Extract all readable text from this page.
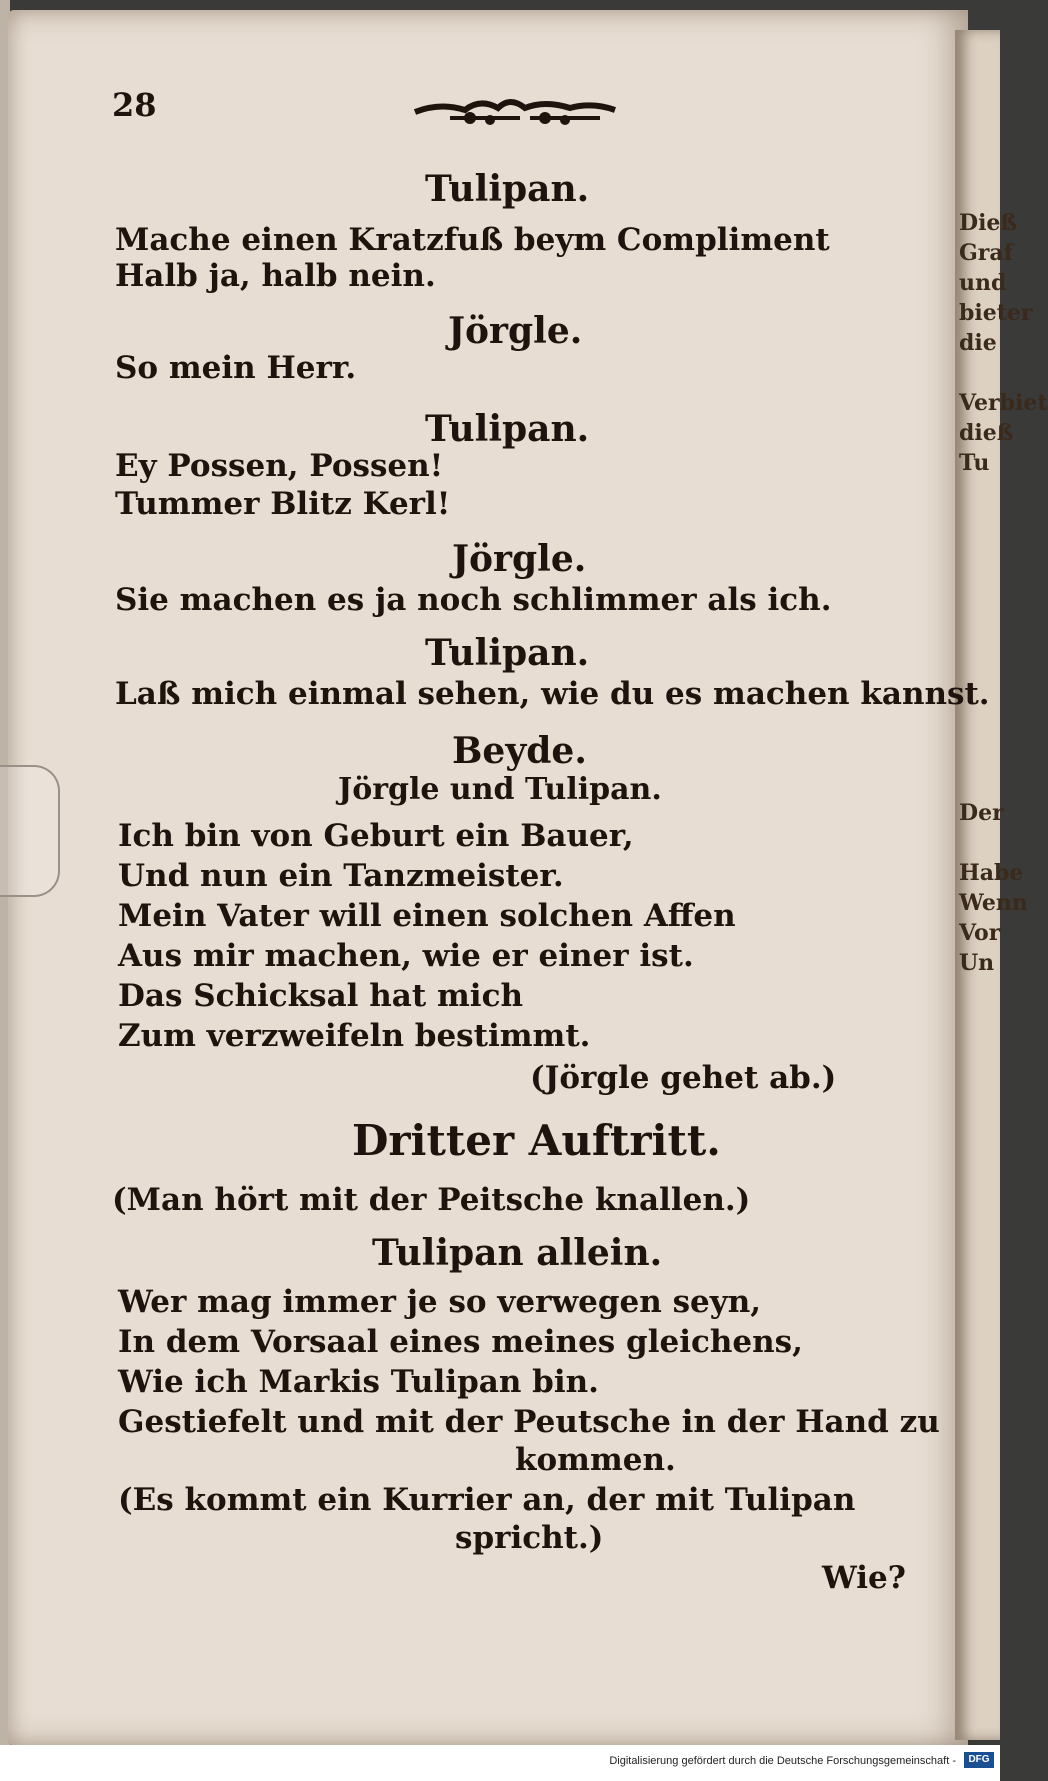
Dieß
Graf
und
bieter
die
Verbiet
dieß
Tu
Der
Habe
Wenn
Vor
Un
28
Tulipan.
Mache einen Kratzfuß beym Compliment
Halb ja, halb nein.
Jörgle.
So mein Herr.
Tulipan.
Ey Possen, Possen!
Tummer Blitz Kerl!
Jörgle.
Sie machen es ja noch schlimmer als ich.
Tulipan.
Laß mich einmal sehen, wie du es machen kannst.
Beyde.
Jörgle und Tulipan.
Ich bin von Geburt ein Bauer,
Und nun ein Tanzmeister.
Mein Vater will einen solchen Affen
Aus mir machen, wie er einer ist.
Das Schicksal hat mich
Zum verzweifeln bestimmt.
(Jörgle gehet ab.)
Dritter Auftritt.
(Man hört mit der Peitsche knallen.)
Tulipan allein.
Wer mag immer je so verwegen seyn,
In dem Vorsaal eines meines gleichens,
Wie ich Markis Tulipan bin.
Gestiefelt und mit der Peutsche in der Hand zu
kommen.
(Es kommt ein Kurrier an, der mit Tulipan
spricht.)
Wie?
Digitalisierung gefördert durch die Deutsche Forschungsgemeinschaft -	DFG
